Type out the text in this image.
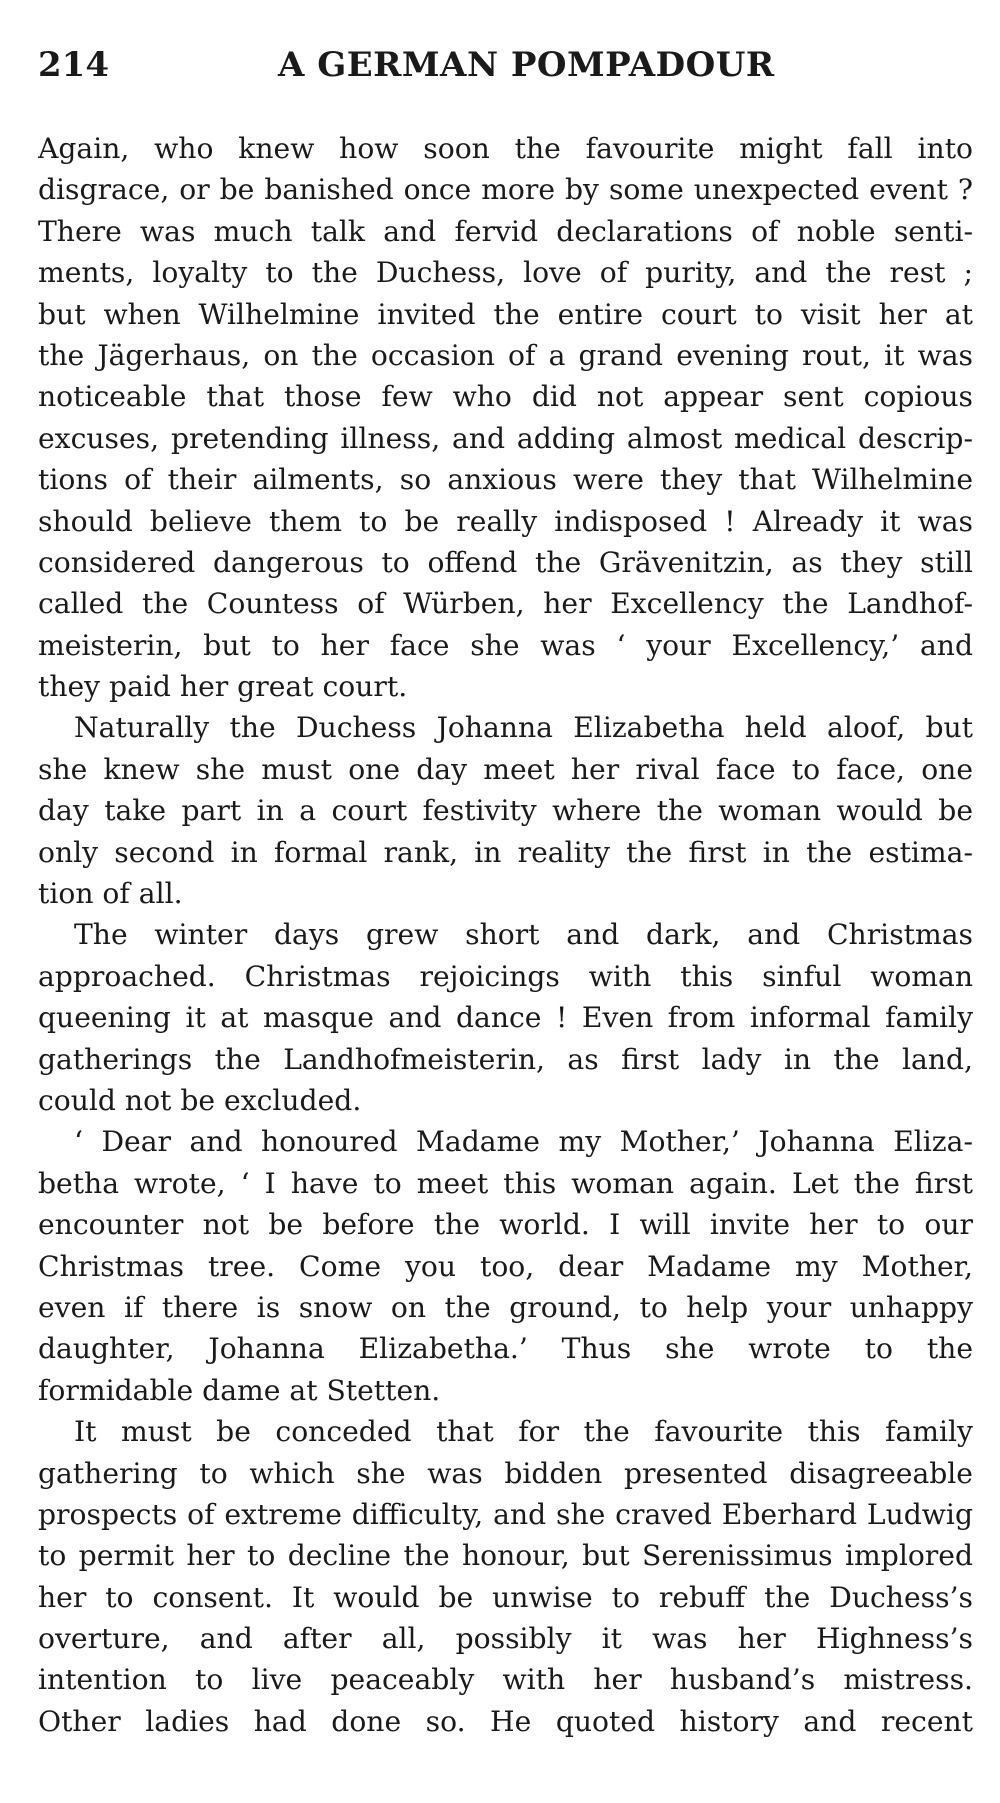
214	A GERMAN POMPADOUR

Again, who knew how soon the favourite might fall into
disgrace, or be banished once more by some unexpected event ?
There was much talk and fervid declarations of noble senti-
ments, loyalty to the Duchess, love of purity, and the rest ;
but when Wilhelmine invited the entire court to visit her at
the Jägerhaus, on the occasion of a grand evening rout, it was
noticeable that those few who did not appear sent copious
excuses, pretending illness, and adding almost medical descrip-
tions of their ailments, so anxious were they that Wilhelmine
should believe them to be really indisposed ! Already it was
considered dangerous to offend the Grävenitzin, as they still
called the Countess of Würben, her Excellency the Landhof-
meisterin, but to her face she was ‘ your Excellency,’ and
they paid her great court.

Naturally the Duchess Johanna Elizabetha held aloof, but
she knew she must one day meet her rival face to face, one
day take part in a court festivity where the woman would be
only second in formal rank, in reality the first in the estima-
tion of all.

The winter days grew short and dark, and Christmas
approached. Christmas rejoicings with this sinful woman
queening it at masque and dance ! Even from informal family
gatherings the Landhofmeisterin, as first lady in the land,
could not be excluded.

‘ Dear and honoured Madame my Mother,’ Johanna Eliza-
betha wrote, ‘ I have to meet this woman again. Let the first
encounter not be before the world. I will invite her to our
Christmas tree. Come you too, dear Madame my Mother,
even if there is snow on the ground, to help your unhappy
daughter, Johanna Elizabetha.’ Thus she wrote to the
formidable dame at Stetten.

It must be conceded that for the favourite this family
gathering to which she was bidden presented disagreeable
prospects of extreme difficulty, and she craved Eberhard Ludwig
to permit her to decline the honour, but Serenissimus implored
her to consent. It would be unwise to rebuff the Duchess’s
overture, and after all, possibly it was her Highness’s
intention to live peaceably with her husband’s mistress.
Other ladies had done so. He quoted history and recent
